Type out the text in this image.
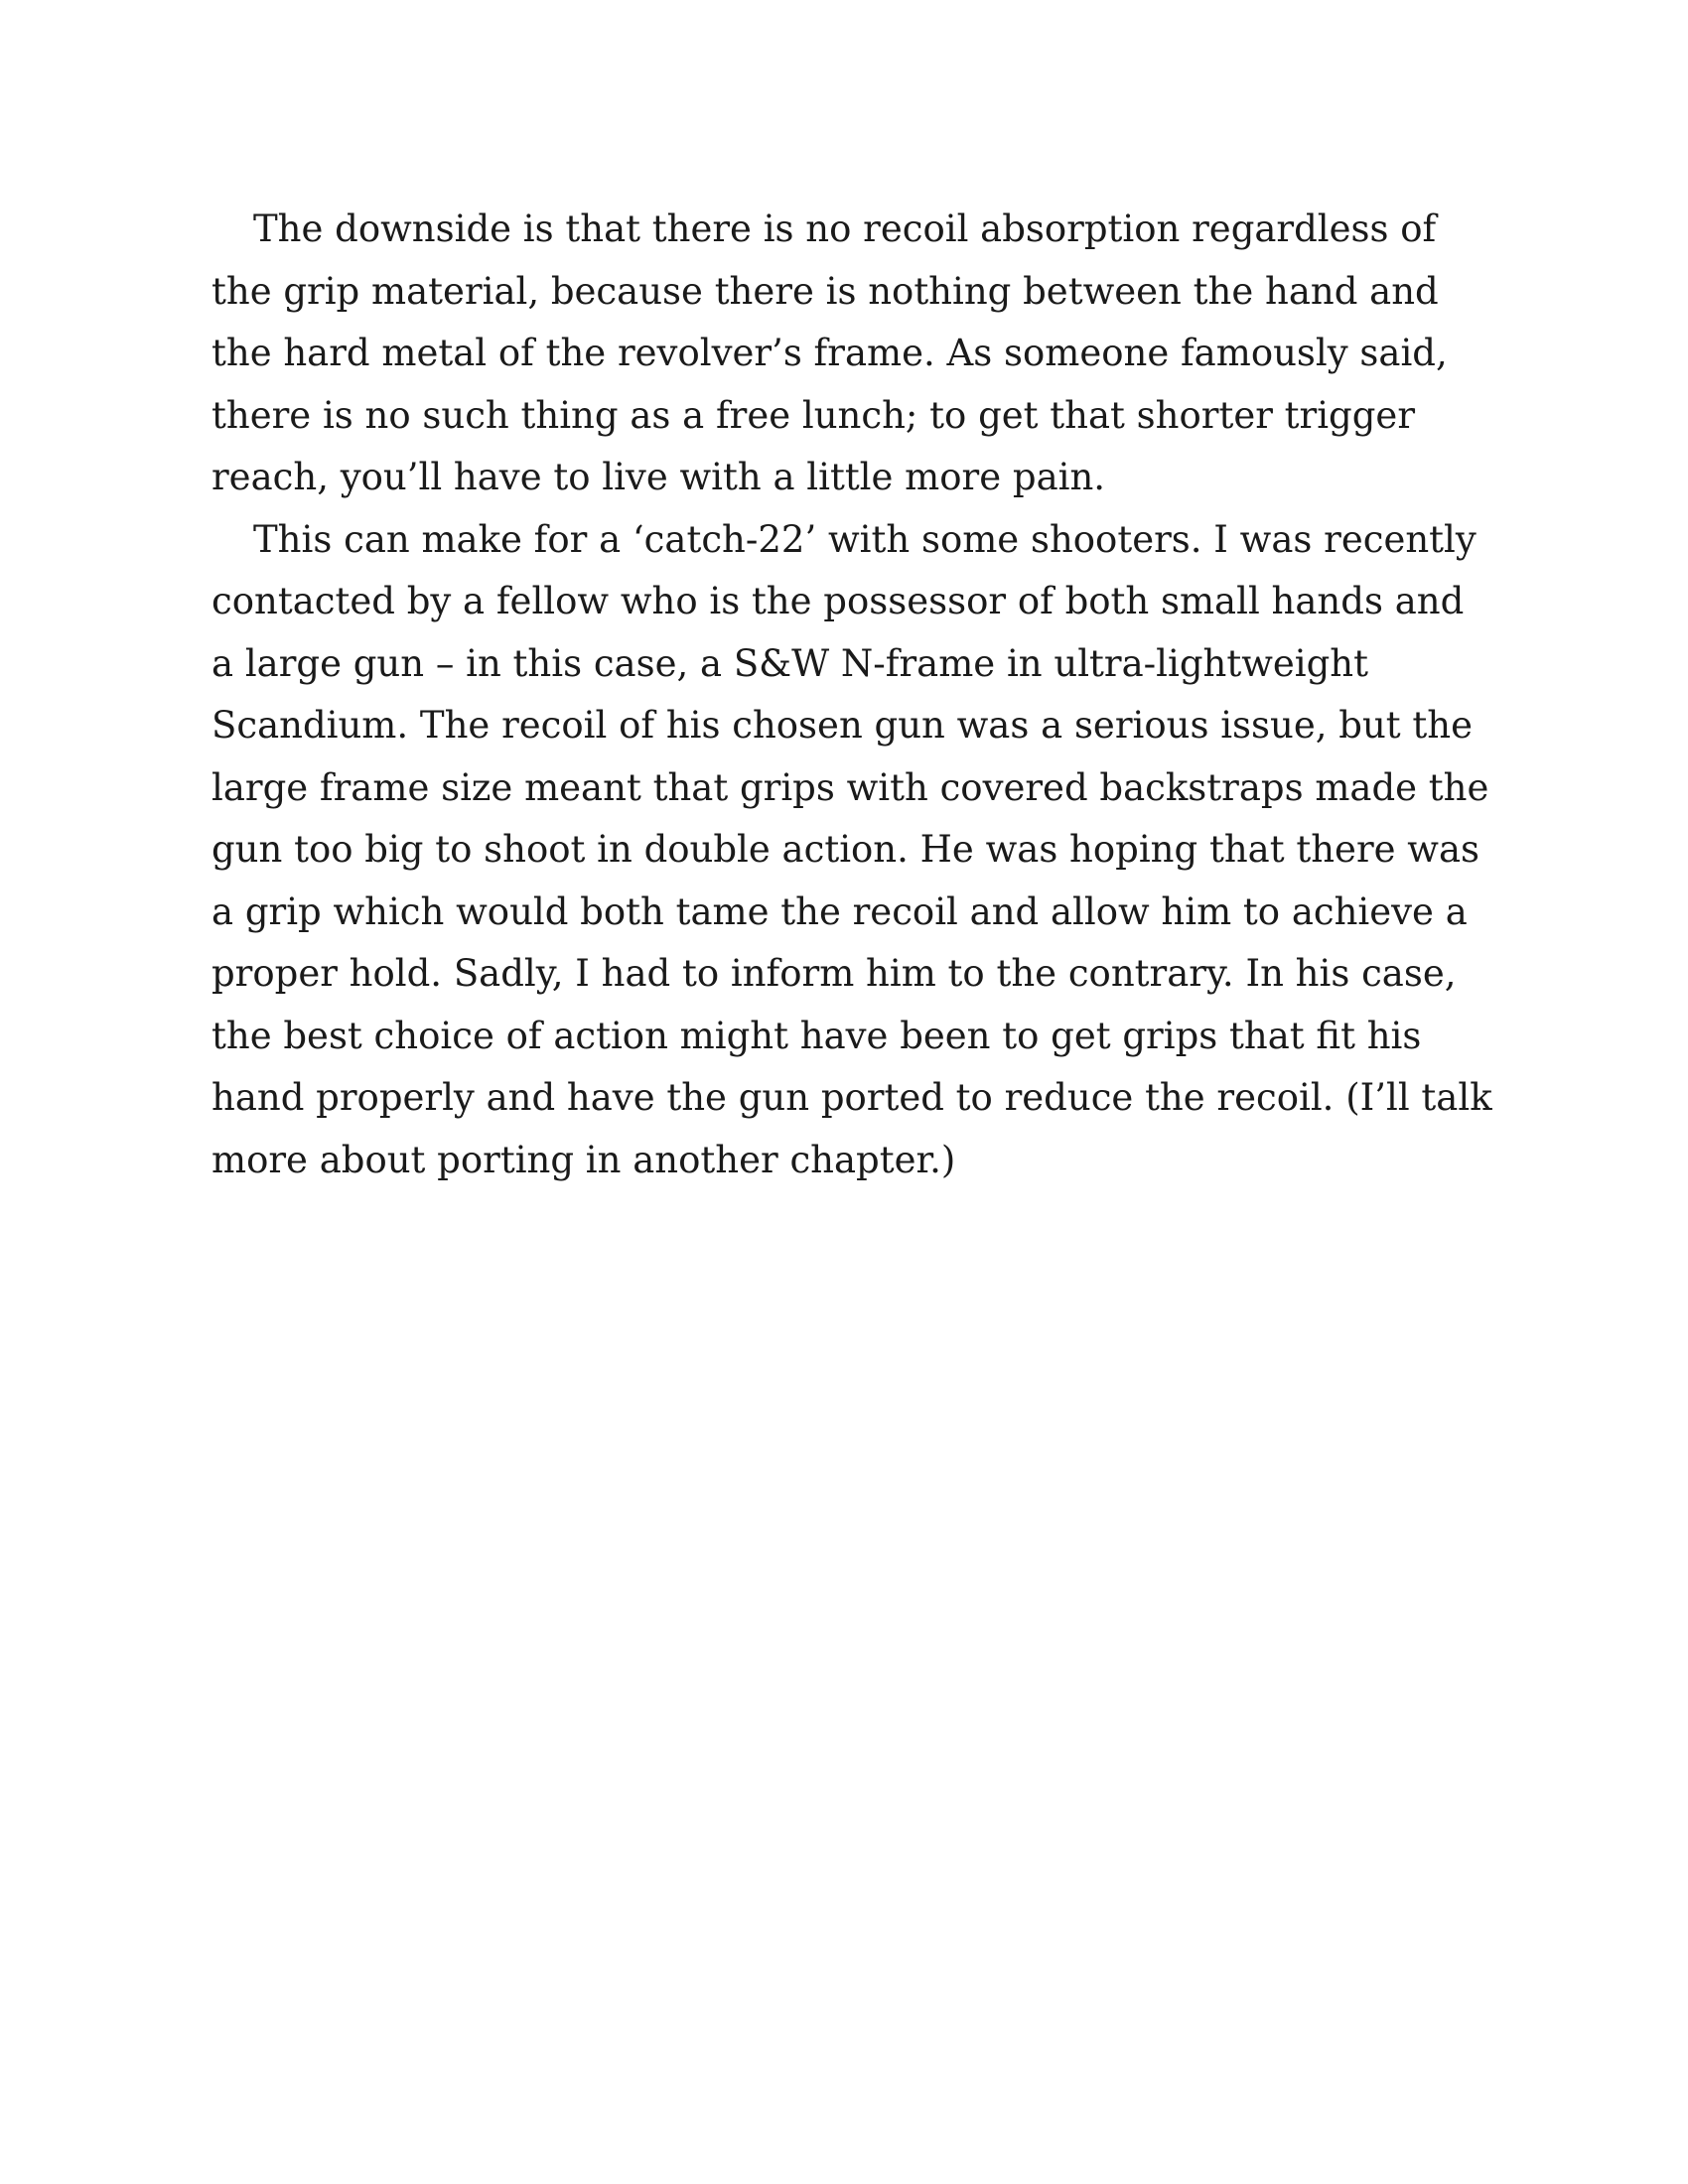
The downside is that there is no recoil absorption regardless of the grip material, because there is nothing between the hand and the hard metal of the revolver’s frame. As someone famously said, there is no such thing as a free lunch; to get that shorter trigger reach, you’ll have to live with a little more pain.

This can make for a ‘catch-22’ with some shooters. I was recently contacted by a fellow who is the possessor of both small hands and a large gun – in this case, a S&W N-frame in ultra-lightweight Scandium. The recoil of his chosen gun was a serious issue, but the large frame size meant that grips with covered backstraps made the gun too big to shoot in double action. He was hoping that there was a grip which would both tame the recoil and allow him to achieve a proper hold. Sadly, I had to inform him to the contrary. In his case, the best choice of action might have been to get grips that fit his hand properly and have the gun ported to reduce the recoil. (I’ll talk more about porting in another chapter.)
